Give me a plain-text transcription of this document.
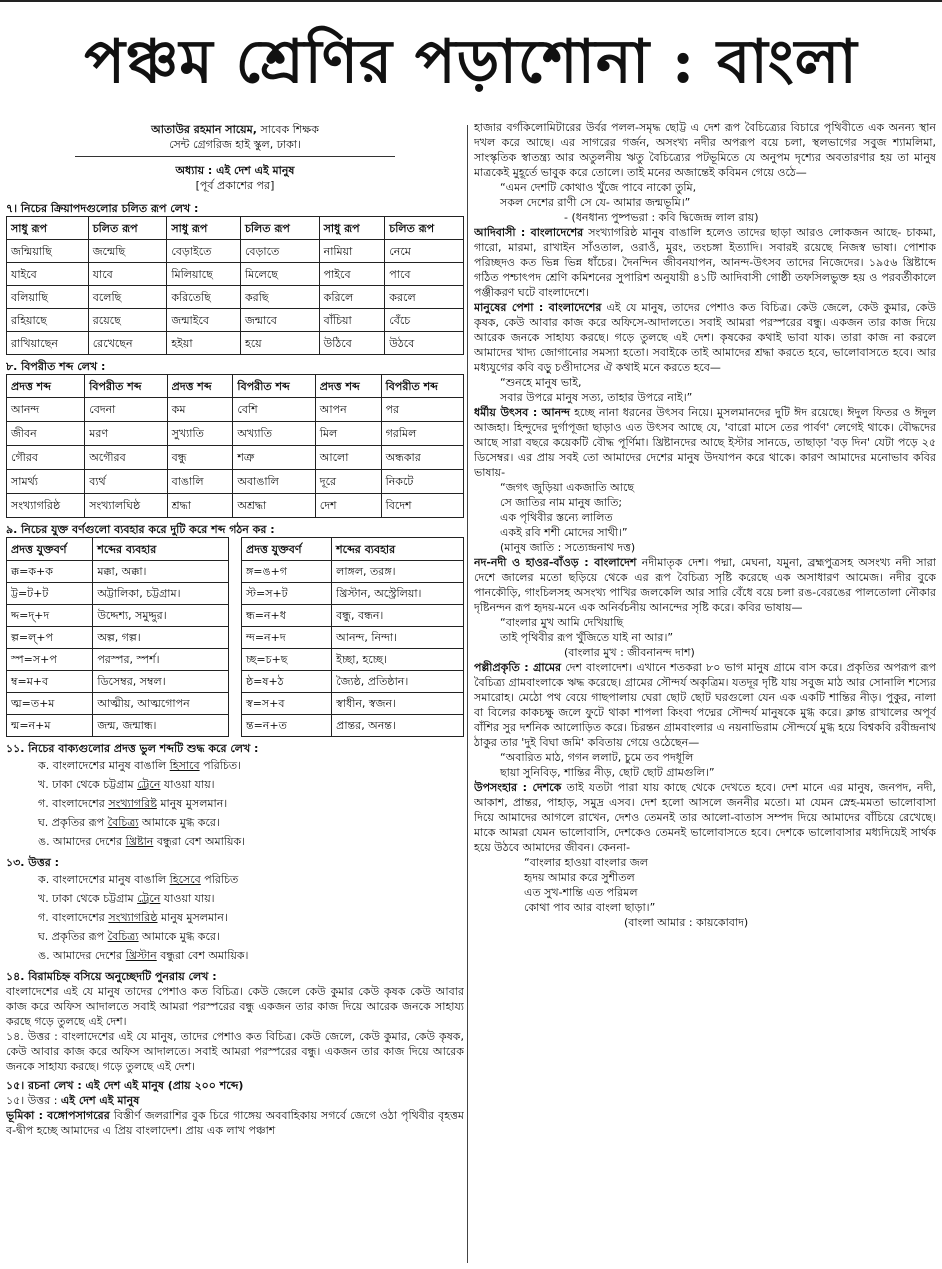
পঞ্চম শ্রেণির পড়াশোনা : বাংলা
আতাউর রহমান সায়েম, সাবেক শিক্ষক
সেন্ট গ্রেগরিজ হাই স্কুল, ঢাকা।
অধ্যায় : এই দেশ এই মানুষ
[পূর্ব প্রকাশের পর]
৭। নিচের ক্রিয়াপদগুলোর চলিত রূপ লেখ :
সাধু রূপ	চলিত রূপ	সাধু রূপ	চলিত রূপ	সাধু রূপ	চলিত রূপ
জন্মিয়াছি	জন্মেছি	বেড়াইতে	বেড়াতে	নামিয়া	নেমে
যাইবে	যাবে	মিলিয়াছে	মিলেছে	পাইবে	পাবে
বলিয়াছি	বলেছি	করিতেছি	করছি	করিলে	করলে
রহিয়াছে	রয়েছে	জন্মাইবে	জন্মাবে	বাঁচিয়া	বেঁচে
রাখিয়াছেন	রেখেছেন	হইয়া	হয়ে	উঠিবে	উঠবে
৮. বিপরীত শব্দ লেখ :
প্রদত্ত শব্দ	বিপরীত শব্দ	প্রদত্ত শব্দ	বিপরীত শব্দ	প্রদত্ত শব্দ	বিপরীত শব্দ
আনন্দ	বেদনা	কম	বেশি	আপন	পর
জীবন	মরণ	সুখ্যাতি	অখ্যাতি	মিল	গরমিল
গৌরব	অগৌরব	বন্ধু	শত্রু	আলো	অন্ধকার
সামর্থ্য	ব্যর্থ	বাঙালি	অবাঙালি	দূরে	নিকটে
সংখ্যাগরিষ্ঠ	সংখ্যালঘিষ্ঠ	শ্রদ্ধা	অশ্রদ্ধা	দেশ	বিদেশ
৯. নিচের যুক্ত বর্ণগুলো ব্যবহার করে দুটি করে শব্দ গঠন কর :
প্রদত্ত যুক্তবর্ণ	শব্দের ব্যবহার
ক্ক=ক+ক	মক্কা, অক্কা।
ট্ট=ট+ট	অট্টালিকা, চট্টগ্রাম।
দ্দ=দ্+দ	উদ্দেশ্য, সমুদ্দুর।
ল্প=ল্+প	অল্প, গল্প।
স্প=স+প	পরস্পর, স্পর্শ।
ম্ব=ম+ব	ডিসেম্বর, সম্বল।
ত্ম=ত+ম	আত্মীয়, আত্মগোপন
ন্ম=ন+ম	জন্ম, জন্মান্ধ।
প্রদত্ত যুক্তবর্ণ	শব্দের ব্যবহার
ঙ্গ=ঙ+গ	লাঙ্গল, তরঙ্গ।
স্ট=স+ট	খ্রিস্টান, অস্ট্রেলিয়া।
ন্ধ=ন+ধ	বন্ধু, বন্ধন।
ন্দ=ন+দ	আনন্দ, নিন্দা।
চ্ছ=চ+ছ	ইচ্ছা, হচ্ছে।
ষ্ঠ=ষ+ঠ	জ্যৈষ্ঠ, প্রতিষ্ঠান।
স্ব=স+ব	স্বাধীন, স্বজন।
ন্ত=ন+ত	প্রান্তর, অনন্ত।
১১. নিচের বাক্যগুলোর প্রদত্ত ভুল শব্দটি শুদ্ধ করে লেখ :
ক. বাংলাদেশের মানুষ বাঙালি হিসাবে পরিচিত।
খ. ঢাকা থেকে চট্টগ্রাম ট্রেনে যাওয়া যায়।
গ. বাংলাদেশের সংখ্যাগরিষ্ট মানুষ মুসলমান।
ঘ. প্রকৃতির রূপ বৈচিত্র্য আমাকে মুগ্ধ করে।
ঙ. আমাদের দেশের খ্রিষ্টান বন্ধুরা বেশ অমায়িক।
১৩. উত্তর :
ক. বাংলাদেশের মানুষ বাঙালি হিসেবে পরিচিত
খ. ঢাকা থেকে চট্টগ্রাম ট্রেনে যাওয়া যায়।
গ. বাংলাদেশের সংখ্যাগরিষ্ঠ মানুষ মুসলমান।
ঘ. প্রকৃতির রূপ বৈচিত্র্য আমাকে মুগ্ধ করে।
ঙ. আমাদের দেশের খ্রিস্টান বন্ধুরা বেশ অমায়িক।
১৪. বিরামচিহ্ন বসিয়ে অনুচ্ছেদটি পুনরায় লেখ :
বাংলাদেশের এই যে মানুষ তাদের পেশাও কত বিচিত্র। কেউ জেলে কেউ কুমার কেউ কৃষক কেউ আবার কাজ করে অফিস আদালতে সবাই আমরা পরস্পরের বন্ধু একজন তার কাজ দিয়ে আরেক জনকে সাহায্য করছে গড়ে তুলছে এই দেশ।
১৪. উত্তর : বাংলাদেশের এই যে মানুষ, তাদের পেশাও কত বিচিত্র। কেউ জেলে, কেউ কুমার, কেউ কৃষক, কেউ আবার কাজ করে অফিস আদালতে। সবাই আমরা পরস্পরের বন্ধু। একজন তার কাজ দিয়ে আরেক জনকে সাহায্য করছে। গড়ে তুলছে এই দেশ।
১৫। রচনা লেখ : এই দেশ এই মানুষ (প্রায় ২০০ শব্দে)
১৫। উত্তর : এই দেশ এই মানুষ
ভূমিকা : বঙ্গোপসাগরের বিস্তীর্ণ জলরাশির বুক চিরে গাঙ্গেয় অববাহিকায় সগর্বে জেগে ওঠা পৃথিবীর বৃহত্তম ব-দ্বীপ হচ্ছে আমাদের এ প্রিয় বাংলাদেশ। প্রায় এক লাখ পঞ্চাশ
হাজার বর্গকিলোমিটারের উর্বর পলল-সমৃদ্ধ ছোট্ট এ দেশ রূপ বৈচিত্র্যের বিচারে পৃথিবীতে এক অনন্য স্থান দখল করে আছে। এর সাগরের গর্জন, অসংখ্য নদীর অপরূপ বয়ে চলা, স্থলভাগের সবুজ শ্যামলিমা, সাংস্কৃতিক স্বাতন্ত্র্য আর অতুলনীয় ঋতু বৈচিত্র্যের পটভূমিতে যে অনুপম দৃশ্যের অবতারণার হয় তা মানুষ মাত্রকেই মুহূর্তে ভাবুক করে তোলে। তাই মনের অজান্তেই কবিমন গেয়ে ওঠে—
“এমন দেশটি কোথাও খুঁজে পাবে নাকো তুমি,
সকল দেশের রাণী সে যে- আমার জন্মভূমি।”
- (ধনধান্য পুষ্পভরা : কবি দ্বিজেন্দ্র লাল রায়)
আদিবাসী : বাংলাদেশের সংখ্যাগরিষ্ঠ মানুষ বাঙালি হলেও তাদের ছাড়া আরও লোকজন আছে- চাকমা, গারো, মারমা, রাখাইন সাঁওতাল, ওরাওঁ, মুরং, তংচঙ্গা ইত্যাদি। সবারই রয়েছে নিজস্ব ভাষা। পোশাক পরিচ্ছদও কত ভিন্ন ভিন্ন ধাঁচের। দৈনন্দিন জীবনযাপন, আনন্দ-উৎসব তাদের নিজেদের। ১৯৫৬ খ্রিষ্টাব্দে গঠিত পশ্চাৎপদ শ্রেণি কমিশনের সুপারিশ অনুযায়ী ৪১টি আদিবাসী গোষ্ঠী তফসিলভুক্ত হয় ও পরবর্তীকালে পঞ্জীকরণ ঘটে বাংলাদেশে।
মানুষের পেশা : বাংলাদেশের এই যে মানুষ, তাদের পেশাও কত বিচিত্র। কেউ জেলে, কেউ কুমার, কেউ কৃষক, কেউ আবার কাজ করে অফিসে-আদালতে। সবাই আমরা পরস্পরের বন্ধু। একজন তার কাজ দিয়ে আরেক জনকে সাহায্য করছে। গড়ে তুলছে এই দেশ। কৃষকের কথাই ভাবা যাক। তারা কাজ না করলে আমাদের খাদ্য জোগানোর সমস্যা হতো। সবাইকে তাই আমাদের শ্রদ্ধা করতে হবে, ভালোবাসতে হবে। আর মধ্যযুগের কবি বড়ু চণ্ডীদাসের ঐ কথাই মনে করতে হবে—
“শুনহে মানুষ ভাই,
সবার উপরে মানুষ সত্য, তাহার উপরে নাই।”
ধর্মীয় উৎসব : আনন্দ হচ্ছে নানা ধরনের উৎসব নিয়ে। মুসলমানদের দুটি ঈদ রয়েছে। ঈদুল ফিতর ও ঈদুল আজহা। হিন্দুদের দুর্গাপূজা ছাড়াও এত উৎসব আছে যে, 'বারো মাসে তের পার্বণ' লেগেই থাকে। বৌদ্ধদের আছে সারা বছরে কয়েকটি বৌদ্ধ পূর্ণিমা। খ্রিষ্টানদের আছে ইস্টার সানডে, তাছাড়া 'বড় দিন' যেটা পড়ে ২৫ ডিসেম্বর। এর প্রায় সবই তো আমাদের দেশের মানুষ উদযাপন করে থাকে। কারণ আমাদের মনোভাব কবির ভাষায়-
“জগৎ জুড়িয়া একজাতি আছে
সে জাতির নাম মানুষ জাতি;
এক পৃথিবীর স্তন্যে লালিত
একই রবি শশী মোদের সাথী।”
(মানুষ জাতি : সত্যেন্দ্রনাথ দত্ত)
নদ-নদী ও হাওর-বাঁওড় : বাংলাদেশ নদীমাতৃক দেশ। পদ্মা, মেঘনা, যমুনা, ব্রহ্মপুত্রসহ অসংখ্য নদী সারা দেশে জালের মতো ছড়িয়ে থেকে এর রূপ বৈচিত্র্য সৃষ্টি করেছে এক অসাধারণ আমেজ। নদীর বুকে পানকৌড়ি, গাংচিলসহ অসংখ্য পাখির জলকেলি আর সারি বেঁধে বয়ে চলা রঙ-বেরঙের পালতোলা নৌকার দৃষ্টিনন্দন রূপ হৃদয়-মনে এক অনির্বচনীয় আনন্দের সৃষ্টি করে। কবির ভাষায়—
“বাংলার মুখ আমি দেখিয়াছি
তাই পৃথিবীর রূপ খুঁজিতে যাই না আর।”
(বাংলার মুখ : জীবনানন্দ দাশ)
পল্লীপ্রকৃতি : গ্রামের দেশ বাংলাদেশ। এখানে শতকরা ৮০ ভাগ মানুষ গ্রামে বাস করে। প্রকৃতির অপরূপ রূপ বৈচিত্র্য গ্রামবাংলাকে ঋদ্ধ করেছে। গ্রামের সৌন্দর্য অকৃত্রিম। যতদূর দৃষ্টি যায় সবুজ মাঠ আর সোনালি শস্যের সমারোহ। মেঠো পথ বেয়ে গাছপালায় ঘেরা ছোট ছোট ঘরগুলো যেন এক একটি শান্তির নীড়। পুকুর, নালা বা বিলের কাকচক্ষু জলে ফুটে থাকা শাপলা কিংবা পদ্মের সৌন্দর্য মানুষকে মুগ্ধ করে। ক্লান্ত রাখালের অপূর্ব বাঁশির সুর দর্শনিক আলোড়িত করে। চিরন্তন গ্রামবাংলার এ নয়নাভিরাম সৌন্দর্যে মুগ্ধ হয়ে বিশ্বকবি রবীন্দ্রনাথ ঠাকুর তার 'দুই বিঘা জমি' কবিতায় গেয়ে ওঠেছেন—
“অবারিত মাঠ, গগন ললাট, চুমে তব পদধূলি
ছায়া সুনিবিড়, শান্তির নীড়, ছোট ছোট গ্রামগুলি।”
উপসংহার : দেশকে তাই যতটা পারা যায় কাছে থেকে দেখতে হবে। দেশ মানে এর মানুষ, জনপদ, নদী, আকাশ, প্রান্তর, পাহাড়, সমুদ্র এসব। দেশ হলো আসলে জননীর মতো। মা যেমন স্নেহ-মমতা ভালোবাসা দিয়ে আমাদের আগলে রাখেন, দেশও তেমনই তার আলো-বাতাস সম্পদ দিয়ে আমাদের বাঁচিয়ে রেখেছে। মাকে আমরা যেমন ভালোবাসি, দেশকেও তেমনই ভালোবাসতে হবে। দেশকে ভালোবাসার মধ্যদিয়েই সার্থক হয়ে উঠবে আমাদের জীবন। কেননা-
“বাংলার হাওয়া বাংলার জল
হৃদয় আমার করে সুশীতল
এত সুখ-শান্তি এত পরিমল
কোথা পাব আর বাংলা ছাড়া।”
(বাংলা আমার : কায়কোবাদ)
